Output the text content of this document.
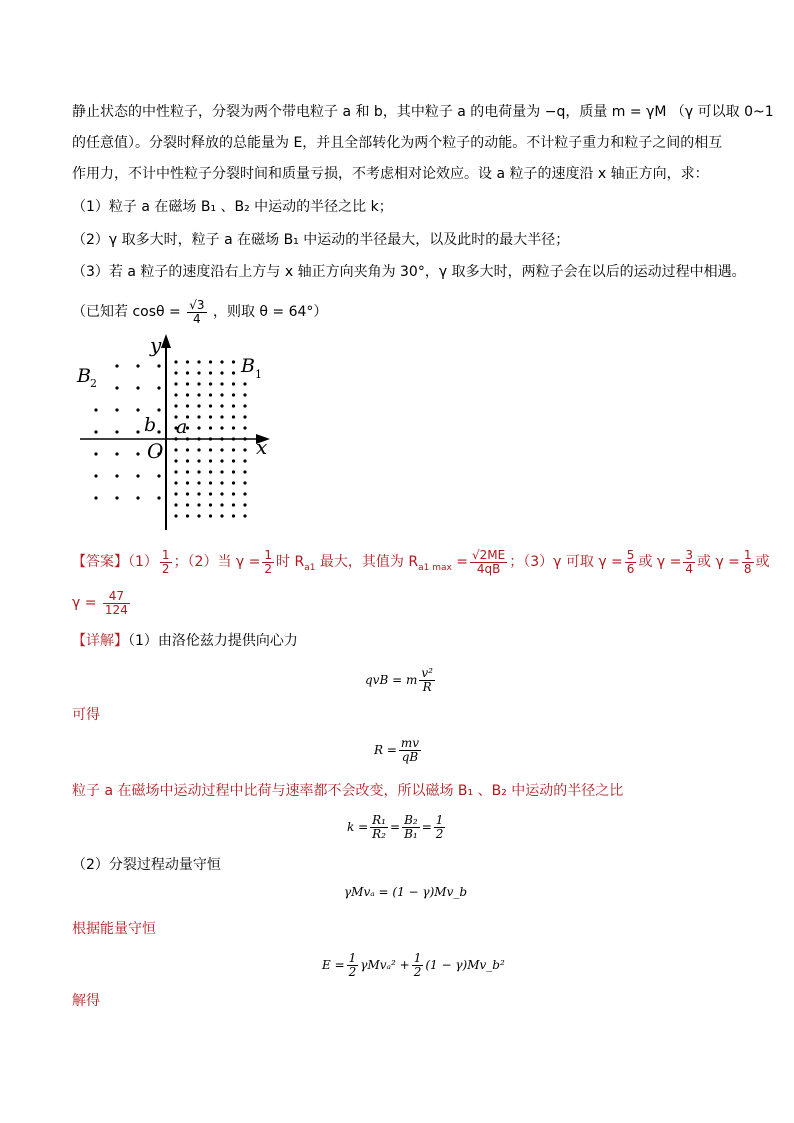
静止状态的中性粒子，分裂为两个带电粒子 a 和 b，其中粒子 a 的电荷量为 −q，质量 m = γM （γ 可以取 0~1
的任意值）。分裂时释放的总能量为 E，并且全部转化为两个粒子的动能。不计粒子重力和粒子之间的相互
作用力，不计中性粒子分裂时间和质量亏损，不考虑相对论效应。设 a 粒子的速度沿 x 轴正方向，求：
（1）粒子 a 在磁场 B₁ 、B₂ 中运动的半径之比 k；
（2）γ 取多大时，粒子 a 在磁场 B₁ 中运动的半径最大，以及此时的最大半径；
（3）若 a 粒子的速度沿右上方与 x 轴正方向夹角为 30°，γ 取多大时，两粒子会在以后的运动过程中相遇。
（已知若 $\cos\theta = \frac{√3}{4}$ ，则取 θ = 64°）
y
x
O
B 2
B 1
a
b
【答案】$(1) \frac{1}{2}$ ；（2）当 $\gamma = \frac{1}{2}$ 时 $R_{a1}$ 最大，其值为 $R_{a1 max} = \frac{√2ME}{4qB}$ ；（3）γ 可取 $\gamma = \frac{5}{6}$ 或 $\gamma = \frac{3}{4}$ 或 $\gamma = \frac{1}{8}$ 或
$\gamma = \frac{47}{124}$
【详解】（1）由洛伦兹力提供向心力
qvB = m $\frac{\text{v²}}{R}$
可得
$R = \frac{mv}{qB}$
粒子 a 在磁场中运动过程中比荷与速率都不会改变，所以磁场 B₁ 、B₂ 中运动的半径之比
$k = \frac{\text{R₁}}{\text{R₂}} = \frac{\text{B₂}}{\text{B₁}} = \frac{1}{2}$
（2）分裂过程动量守恒
γMvₐ = (1 − γ)Mv_b
根据能量守恒
$E = \frac{1}{2} \gamma Mv_a^2 + \frac{1}{2} (1$ − γ)Mv_b²
解得
